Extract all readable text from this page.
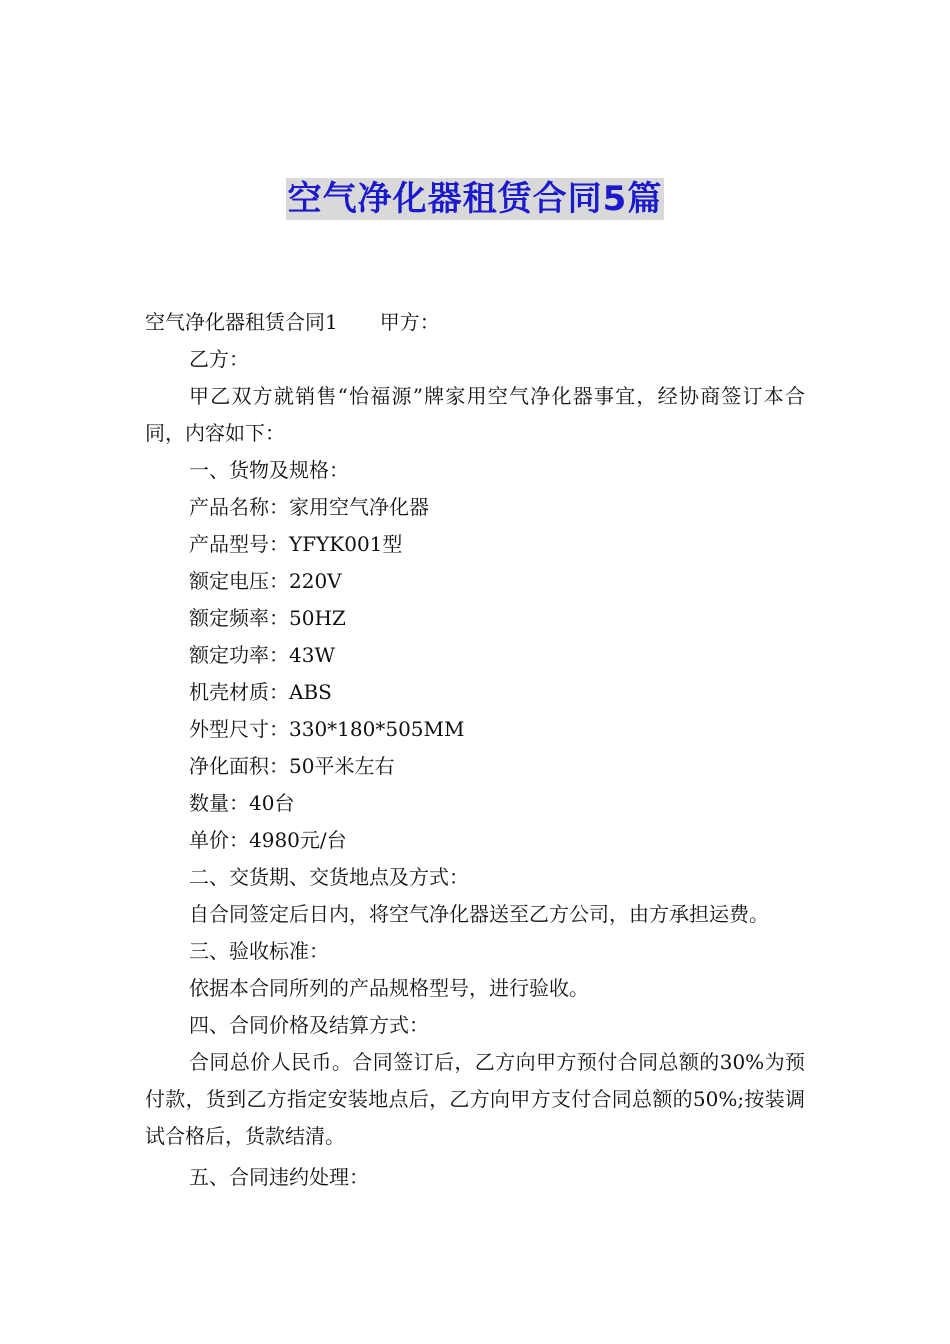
空气净化器租赁合同5篇
空气净化器租赁合同1 甲方：
乙方：
甲乙双方就销售“怡福源”牌家用空气净化器事宜，经协商签订本合同，内容如下：
一、货物及规格：
产品名称：家用空气净化器
产品型号：YFYK001型
额定电压：220V
额定频率：50HZ
额定功率：43W
机壳材质：ABS
外型尺寸：330*180*505MM
净化面积：50平米左右
数量：40台
单价：4980元/台
二、交货期、交货地点及方式：
自合同签定后日内，将空气净化器送至乙方公司，由方承担运费。
三、验收标准：
依据本合同所列的产品规格型号，进行验收。
四、合同价格及结算方式：
合同总价人民币。合同签订后，乙方向甲方预付合同总额的30%为预付款，货到乙方指定安装地点后，乙方向甲方支付合同总额的50%;按装调试合格后，货款结清。
五、合同违约处理：
